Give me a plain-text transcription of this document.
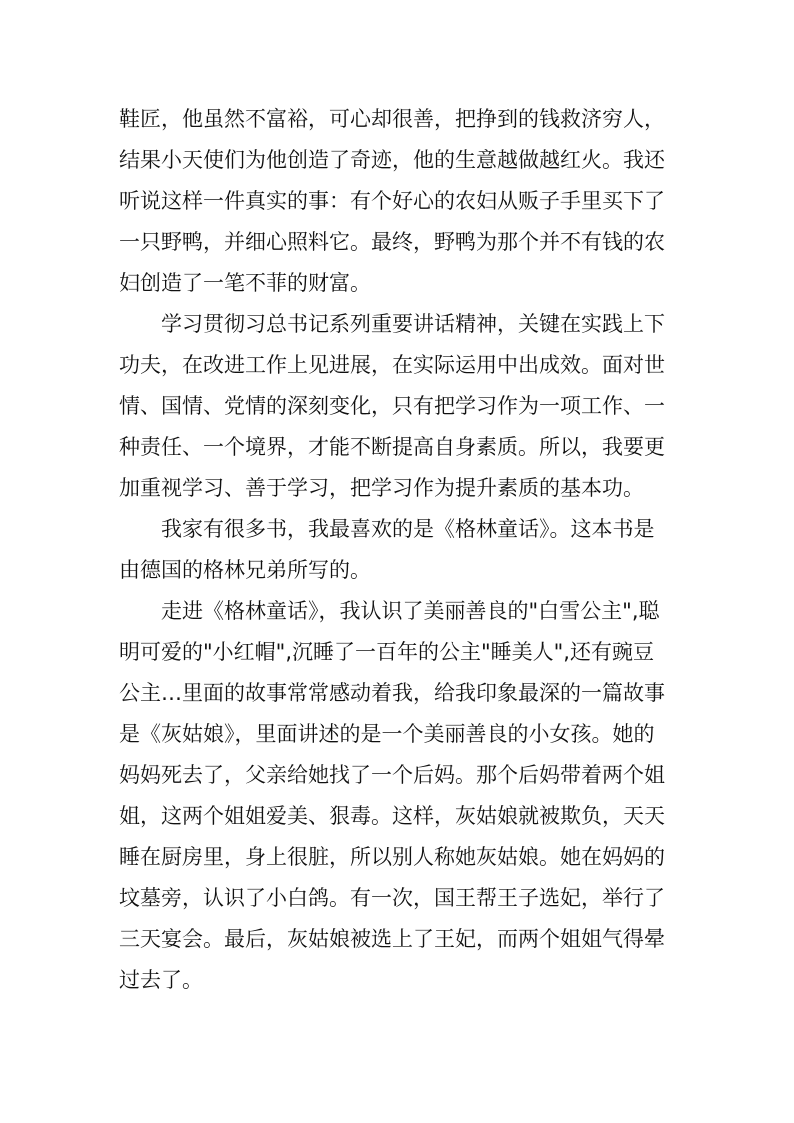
鞋匠，他虽然不富裕，可心却很善，把挣到的钱救济穷人，

结果小天使们为他创造了奇迹，他的生意越做越红火。我还

听说这样一件真实的事：有个好心的农妇从贩子手里买下了

一只野鸭，并细心照料它。最终，野鸭为那个并不有钱的农

妇创造了一笔不菲的财富。

学习贯彻习总书记系列重要讲话精神，关键在实践上下

功夫，在改进工作上见进展，在实际运用中出成效。面对世

情、国情、党情的深刻变化，只有把学习作为一项工作、一

种责任、一个境界，才能不断提高自身素质。所以，我要更

加重视学习、善于学习，把学习作为提升素质的基本功。

我家有很多书，我最喜欢的是《格林童话》。这本书是

由德国的格林兄弟所写的。

走进《格林童话》，我认识了美丽善良的"白雪公主",聪

明可爱的"小红帽",沉睡了一百年的公主"睡美人",还有豌豆

公主…里面的故事常常感动着我，给我印象最深的一篇故事

是《灰姑娘》，里面讲述的是一个美丽善良的小女孩。她的

妈妈死去了，父亲给她找了一个后妈。那个后妈带着两个姐

姐，这两个姐姐爱美、狠毒。这样，灰姑娘就被欺负，天天

睡在厨房里，身上很脏，所以别人称她灰姑娘。她在妈妈的

坟墓旁，认识了小白鸽。有一次，国王帮王子选妃，举行了

三天宴会。最后，灰姑娘被选上了王妃，而两个姐姐气得晕

过去了。
